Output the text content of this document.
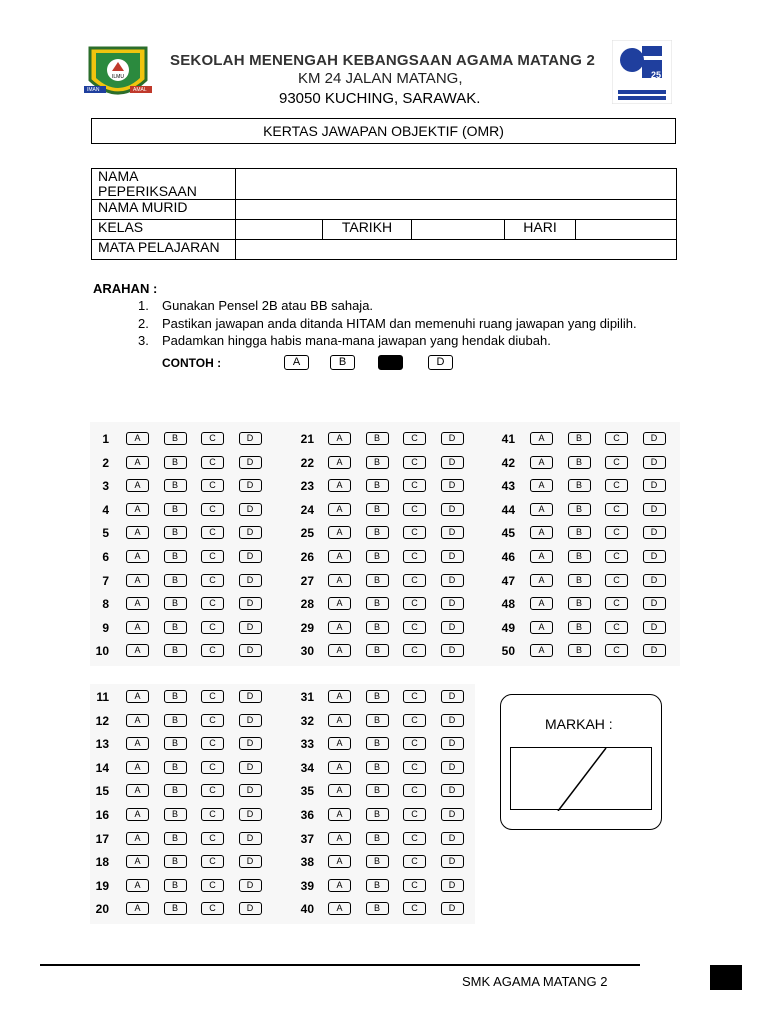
ILMU
IMAN	AMAL
SEKOLAH MENENGAH KEBANGSAAN AGAMA MATANG 2
KM 24 JALAN MATANG,
93050 KUCHING, SARAWAK.
25
KERTAS JAWAPAN OBJEKTIF (OMR)
NAMA PEPERIKSAAN					
NAMA MURID					
KELAS		TARIKH		HARI	
MATA PELAJARAN					
ARAHAN :
1. Gunakan Pensel 2B atau BB sahaja.
2. Pastikan jawapan anda ditanda HITAM dan memenuhi ruang jawapan yang dipilih.
3. Padamkan hingga habis mana-mana jawapan yang hendak diubah.
CONTOH :	A	B	C	D
1	A	B	C	D
2	A	B	C	D
3	A	B	C	D
4	A	B	C	D
5	A	B	C	D
6	A	B	C	D
7	A	B	C	D
8	A	B	C	D
9	A	B	C	D
10	A	B	C	D
21	A	B	C	D
22	A	B	C	D
23	A	B	C	D
24	A	B	C	D
25	A	B	C	D
26	A	B	C	D
27	A	B	C	D
28	A	B	C	D
29	A	B	C	D
30	A	B	C	D
41	A	B	C	D
42	A	B	C	D
43	A	B	C	D
44	A	B	C	D
45	A	B	C	D
46	A	B	C	D
47	A	B	C	D
48	A	B	C	D
49	A	B	C	D
50	A	B	C	D
11	A	B	C	D
12	A	B	C	D
13	A	B	C	D
14	A	B	C	D
15	A	B	C	D
16	A	B	C	D
17	A	B	C	D
18	A	B	C	D
19	A	B	C	D
20	A	B	C	D
31	A	B	C	D
32	A	B	C	D
33	A	B	C	D
34	A	B	C	D
35	A	B	C	D
36	A	B	C	D
37	A	B	C	D
38	A	B	C	D
39	A	B	C	D
40	A	B	C	D
MARKAH :
SMK AGAMA MATANG 2
